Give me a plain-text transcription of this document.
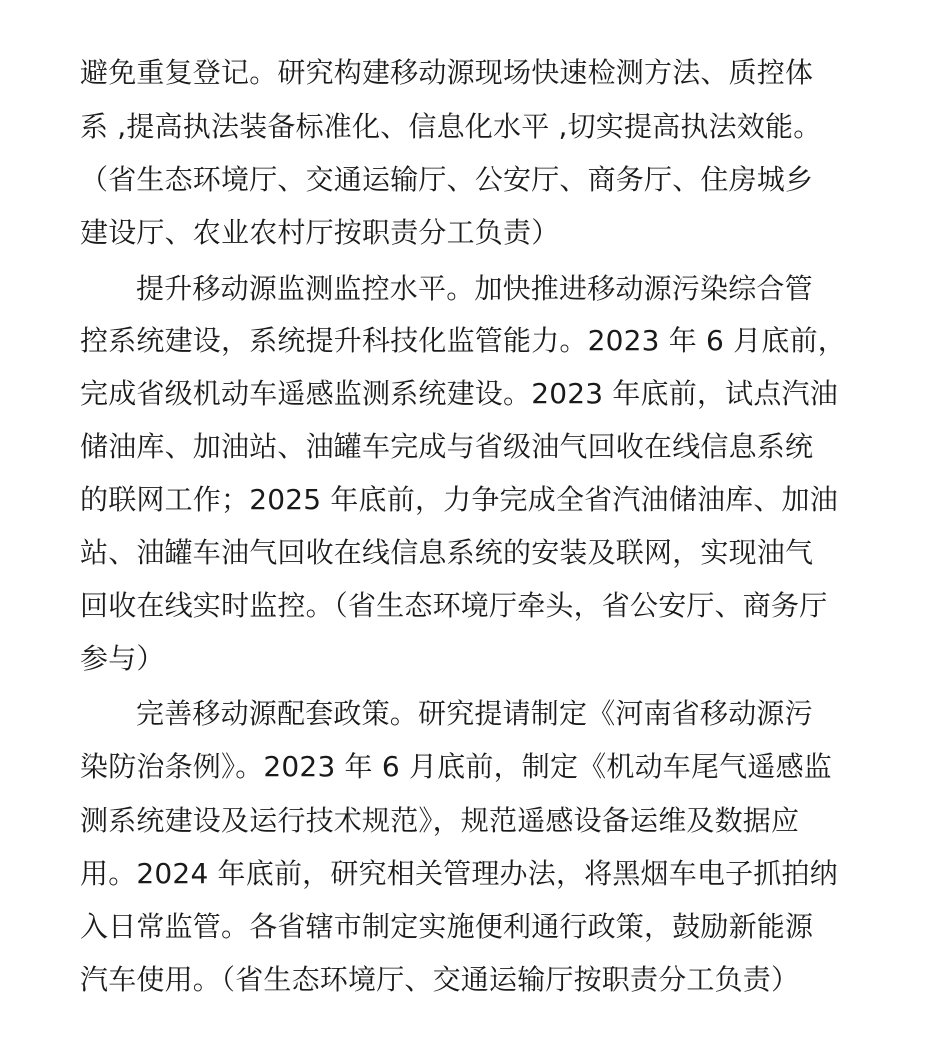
避免重复登记。研究构建移动源现场快速检测方法、质控体
系 ,提高执法装备标准化、信息化水平 ,切实提高执法效能。
（省生态环境厅、交通运输厅、公安厅、商务厅、住房城乡
建设厅、农业农村厅按职责分工负责）
提升移动源监测监控水平。加快推进移动源污染综合管
控系统建设，系统提升科技化监管能力。2023 年 6 月底前，
完成省级机动车遥感监测系统建设。2023 年底前，试点汽油
储油库、加油站、油罐车完成与省级油气回收在线信息系统
的联网工作；2025 年底前，力争完成全省汽油储油库、加油
站、油罐车油气回收在线信息系统的安装及联网，实现油气
回收在线实时监控。（省生态环境厅牵头，省公安厅、商务厅
参与）
完善移动源配套政策。研究提请制定《河南省移动源污
染防治条例》。2023 年 6 月底前，制定《机动车尾气遥感监
测系统建设及运行技术规范》，规范遥感设备运维及数据应
用。2024 年底前，研究相关管理办法，将黑烟车电子抓拍纳
入日常监管。各省辖市制定实施便利通行政策，鼓励新能源
汽车使用。（省生态环境厅、交通运输厅按职责分工负责）
